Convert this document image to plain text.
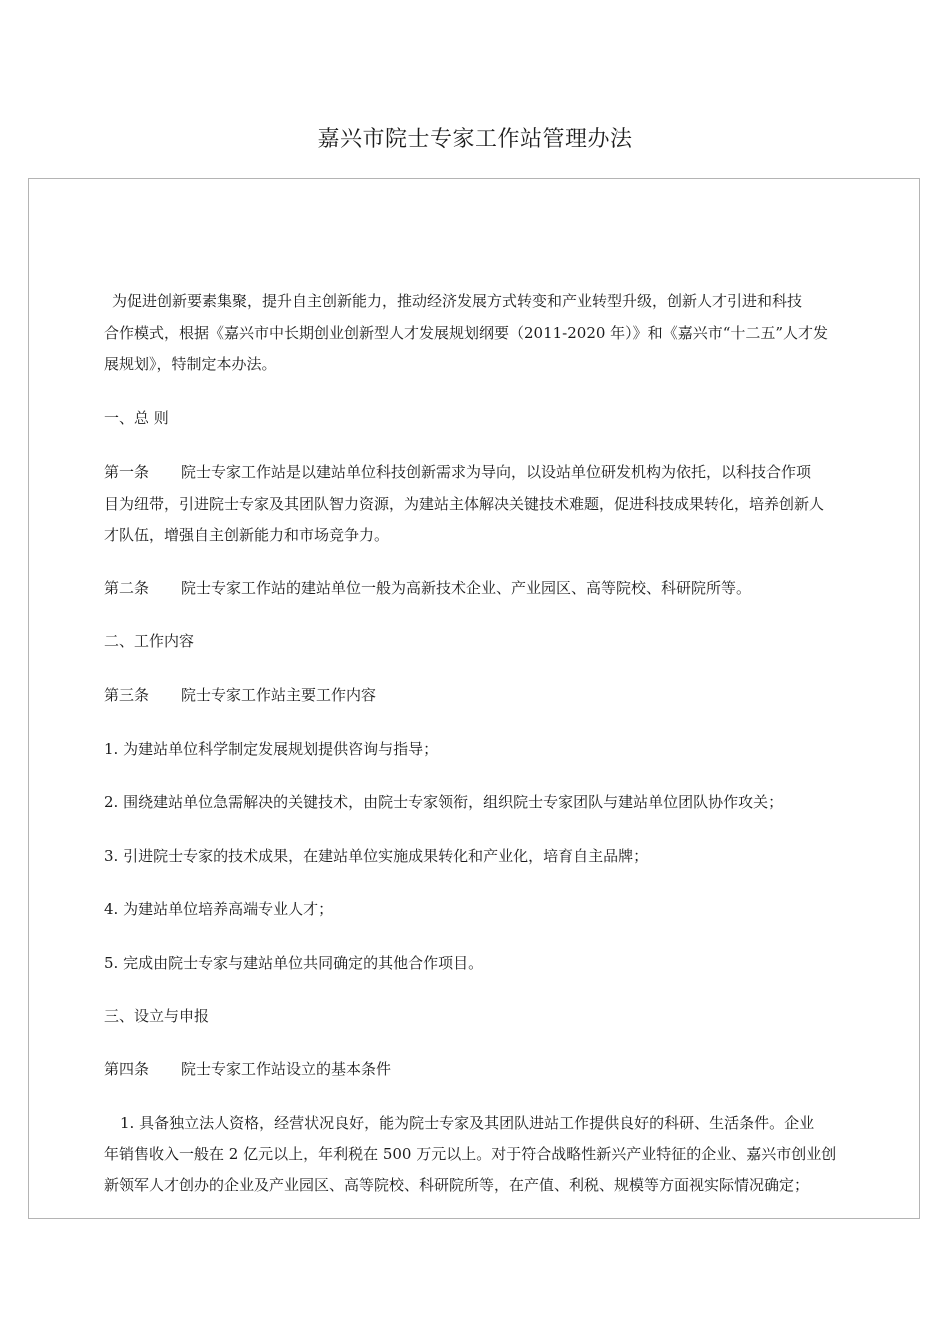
嘉兴市院士专家工作站管理办法
为促进创新要素集聚，提升自主创新能力，推动经济发展方式转变和产业转型升级，创新人才引进和科技
合作模式，根据《嘉兴市中长期创业创新型人才发展规划纲要（2011-2020 年）》和《嘉兴市“十二五”人才发
展规划》，特制定本办法。
一、总 则
第一条 院士专家工作站是以建站单位科技创新需求为导向，以设站单位研发机构为依托，以科技合作项
目为纽带，引进院士专家及其团队智力资源，为建站主体解决关键技术难题，促进科技成果转化，培养创新人
才队伍，增强自主创新能力和市场竞争力。
第二条 院士专家工作站的建站单位一般为高新技术企业、产业园区、高等院校、科研院所等。
二、工作内容
第三条 院士专家工作站主要工作内容
1. 为建站单位科学制定发展规划提供咨询与指导；
2. 围绕建站单位急需解决的关键技术，由院士专家领衔，组织院士专家团队与建站单位团队协作攻关；
3. 引进院士专家的技术成果，在建站单位实施成果转化和产业化，培育自主品牌；
4. 为建站单位培养高端专业人才；
5. 完成由院士专家与建站单位共同确定的其他合作项目。
三、设立与申报
第四条 院士专家工作站设立的基本条件
1. 具备独立法人资格，经营状况良好，能为院士专家及其团队进站工作提供良好的科研、生活条件。企业
年销售收入一般在 2 亿元以上，年利税在 500 万元以上。对于符合战略性新兴产业特征的企业、嘉兴市创业创
新领军人才创办的企业及产业园区、高等院校、科研院所等，在产值、利税、规模等方面视实际情况确定；
